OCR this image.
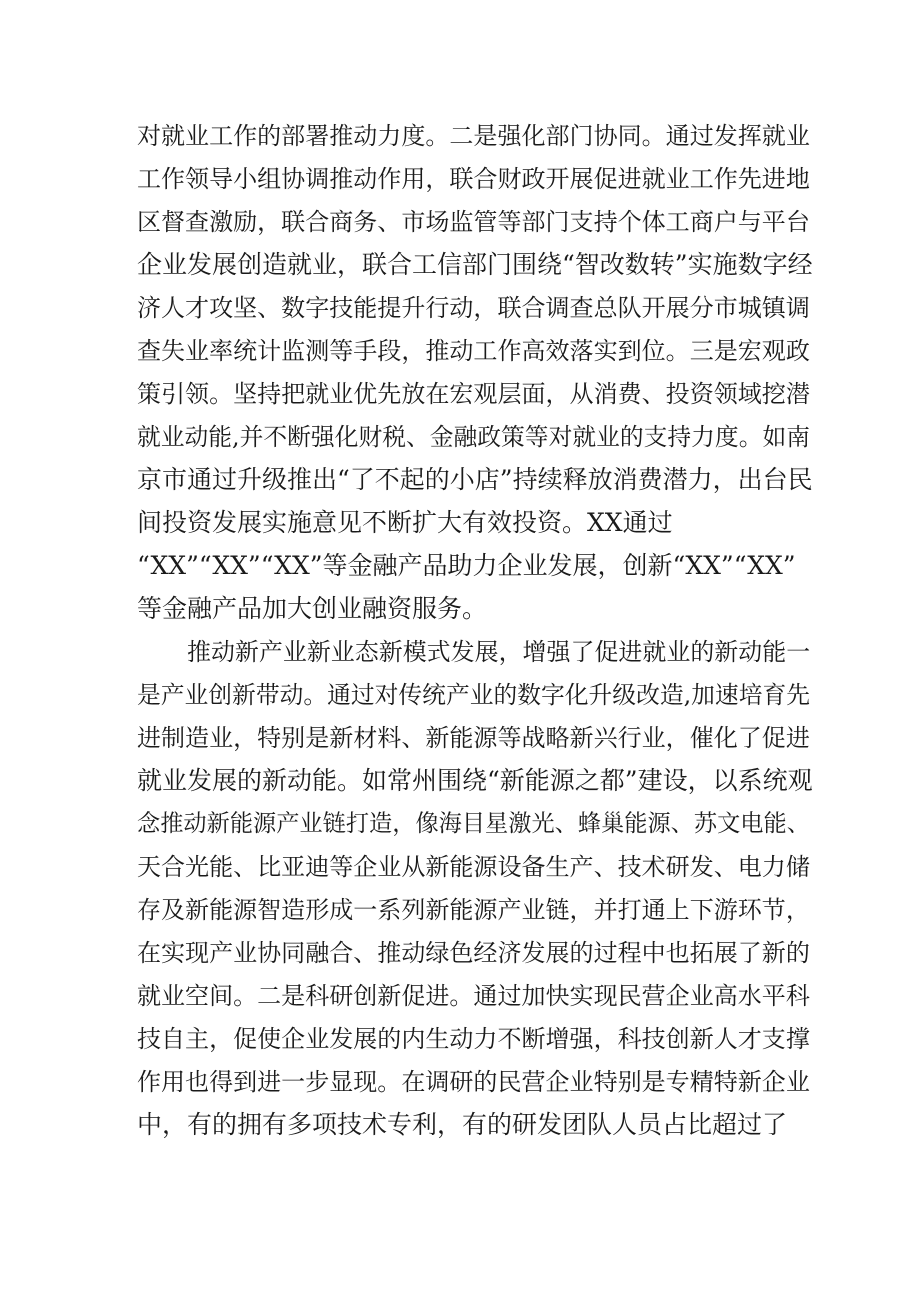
对就业工作的部署推动力度。二是强化部门协同。通过发挥就业
工作领导小组协调推动作用，联合财政开展促进就业工作先进地
区督查激励，联合商务、市场监管等部门支持个体工商户与平台
企业发展创造就业，联合工信部门围绕“智改数转”实施数字经
济人才攻坚、数字技能提升行动，联合调查总队开展分市城镇调
查失业率统计监测等手段，推动工作高效落实到位。三是宏观政
策引领。坚持把就业优先放在宏观层面，从消费、投资领域挖潜
就业动能,并不断强化财税、金融政策等对就业的支持力度。如南
京市通过升级推出“了不起的小店”持续释放消费潜力，出台民
间投资发展实施意见不断扩大有效投资。XX通过
“XX”“XX”“XX”等金融产品助力企业发展，创新“XX”“XX”
等金融产品加大创业融资服务。
推动新产业新业态新模式发展，增强了促进就业的新动能一
是产业创新带动。通过对传统产业的数字化升级改造,加速培育先
进制造业，特别是新材料、新能源等战略新兴行业，催化了促进
就业发展的新动能。如常州围绕“新能源之都”建设，以系统观
念推动新能源产业链打造，像海目星激光、蜂巢能源、苏文电能、
天合光能、比亚迪等企业从新能源设备生产、技术研发、电力储
存及新能源智造形成一系列新能源产业链，并打通上下游环节，
在实现产业协同融合、推动绿色经济发展的过程中也拓展了新的
就业空间。二是科研创新促进。通过加快实现民营企业高水平科
技自主，促使企业发展的内生动力不断增强，科技创新人才支撑
作用也得到进一步显现。在调研的民营企业特别是专精特新企业
中，有的拥有多项技术专利，有的研发团队人员占比超过了
